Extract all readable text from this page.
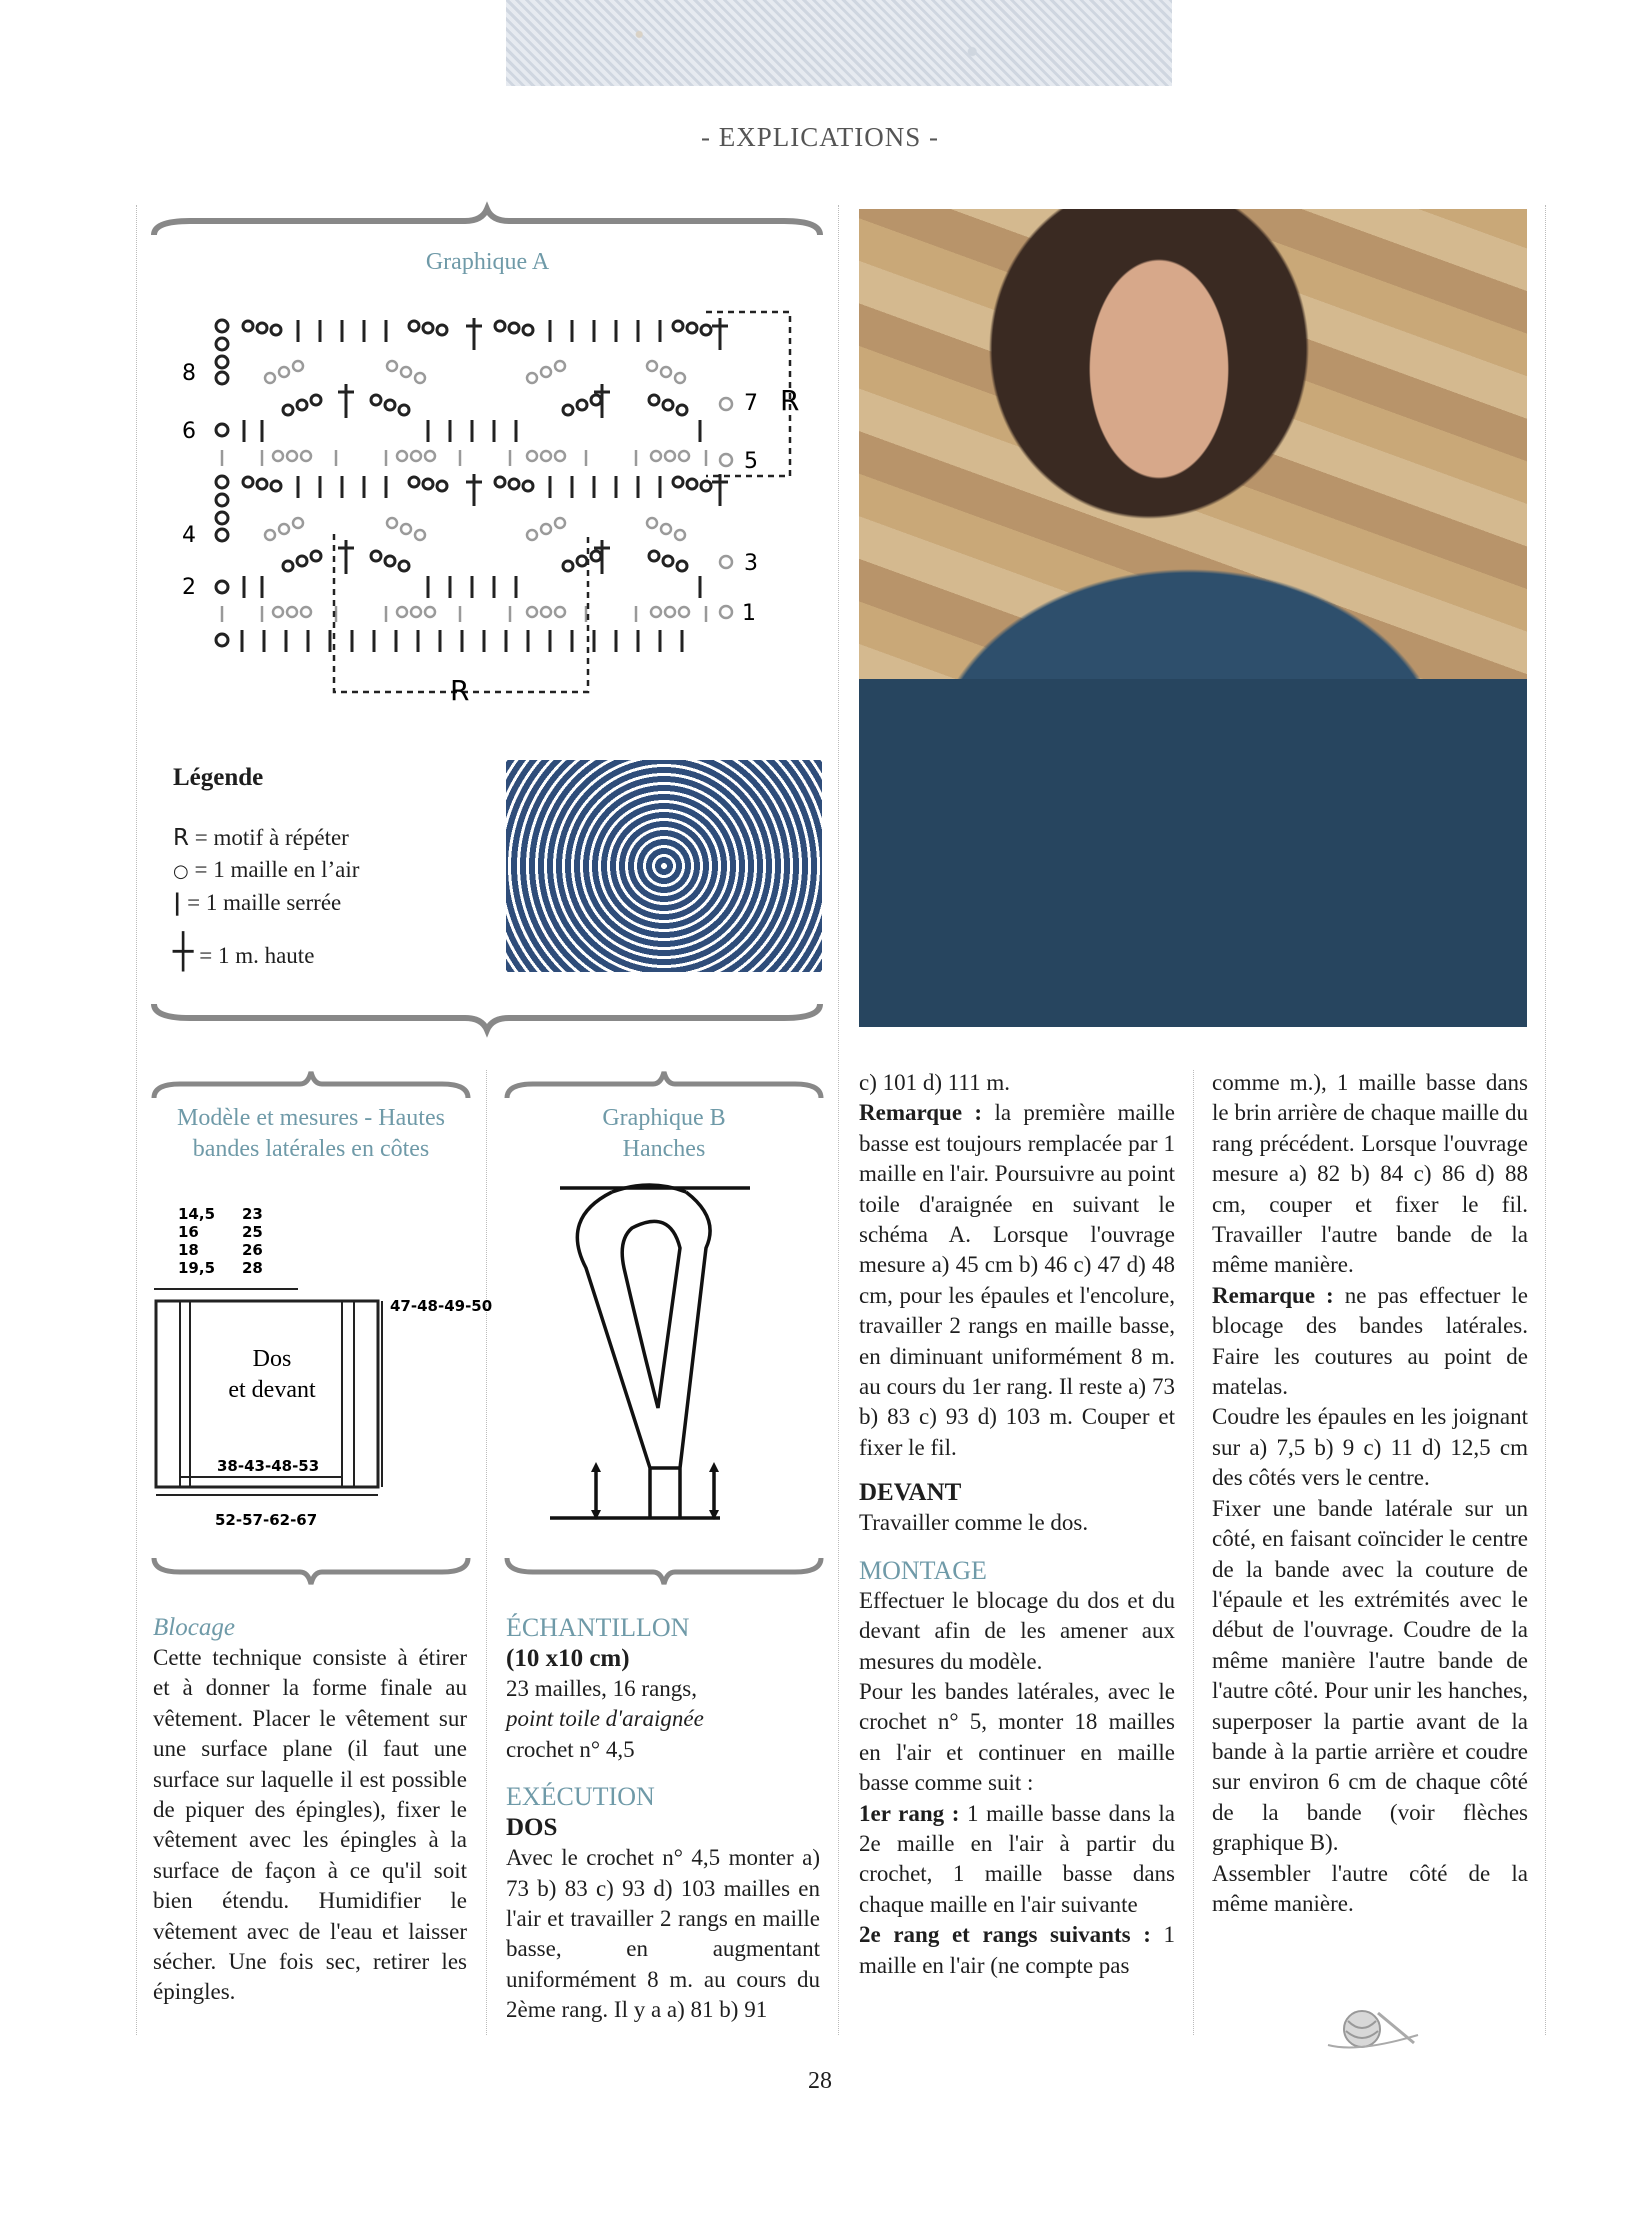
- EXPLICATIONS -
Graphique A
8
6
4
2
7
5
3
1
R
R
Légende
R = motif à répéter
○ = 1 maille en l’air
| = 1 maille serrée
┼ = 1 m. haute
Modèle et mesures - Hautes
bandes latérales en côtes
14,5
16
18
19,5
23
25
26
28
Dos
et devant
38-43-48-53
47-48-49-50
52-57-62-67
Graphique B
Hanches
Blocage

Cette technique consiste à étirer et à donner la forme finale au vêtement. Placer le vêtement sur une surface plane (il faut une surface sur laquelle il est possible de piquer des épingles), fixer le vêtement avec les épingles à la surface de façon à ce qu'il soit bien étendu. Humidifier le vêtement avec de l'eau et laisser sécher. Une fois sec, retirer les épingles.

ÉCHANTILLON
(10 x10 cm)
23 mailles, 16 rangs,
point toile d'araignée
crochet n° 4,5
EXÉCUTION
DOS

Avec le crochet n° 4,5 monter a) 73 b) 83 c) 93 d) 103 mailles en l'air et travailler 2 rangs en maille basse, en augmentant uniformément 8 m. au cours du 2ème rang. Il y a a) 81 b) 91

c) 101 d) 111 m.

Remarque : la première maille basse est toujours remplacée par 1 maille en l'air. Poursuivre au point toile d'araignée en suivant le schéma A. Lorsque l'ouvrage mesure a) 45 cm b) 46 c) 47 d) 48 cm, pour les épaules et l'encolure, travailler 2 rangs en maille basse, en diminuant uniformément 8 m. au cours du 1er rang. Il reste a) 73 b) 83 c) 93 d) 103 m. Couper et fixer le fil.

DEVANT

Travailler comme le dos.

MONTAGE

Effectuer le blocage du dos et du devant afin de les amener aux mesures du modèle.

Pour les bandes latérales, avec le crochet n° 5, monter 18 mailles en l'air et continuer en maille basse comme suit :

1er rang : 1 maille basse dans la 2e maille en l'air à partir du crochet, 1 maille basse dans chaque maille en l'air suivante

2e rang et rangs suivants : 1 maille en l'air (ne compte pas

comme m.), 1 maille basse dans le brin arrière de chaque maille du rang précédent. Lorsque l'ouvrage mesure a) 82 b) 84 c) 86 d) 88 cm, couper et fixer le fil. Travailler l'autre bande de la même manière.

Remarque : ne pas effectuer le blocage des bandes latérales. Faire les coutures au point de matelas.

Coudre les épaules en les joignant sur a) 7,5 b) 9 c) 11 d) 12,5 cm des côtés vers le centre.

Fixer une bande latérale sur un côté, en faisant coïncider le centre de la bande avec la couture de l'épaule et les extrémités avec le début de l'ouvrage. Coudre de la même manière l'autre bande de l'autre côté. Pour unir les hanches, superposer la partie avant de la bande à la partie arrière et coudre sur environ 6 cm de chaque côté de la bande (voir flèches graphique B).

Assembler l'autre côté de la même manière.

28
